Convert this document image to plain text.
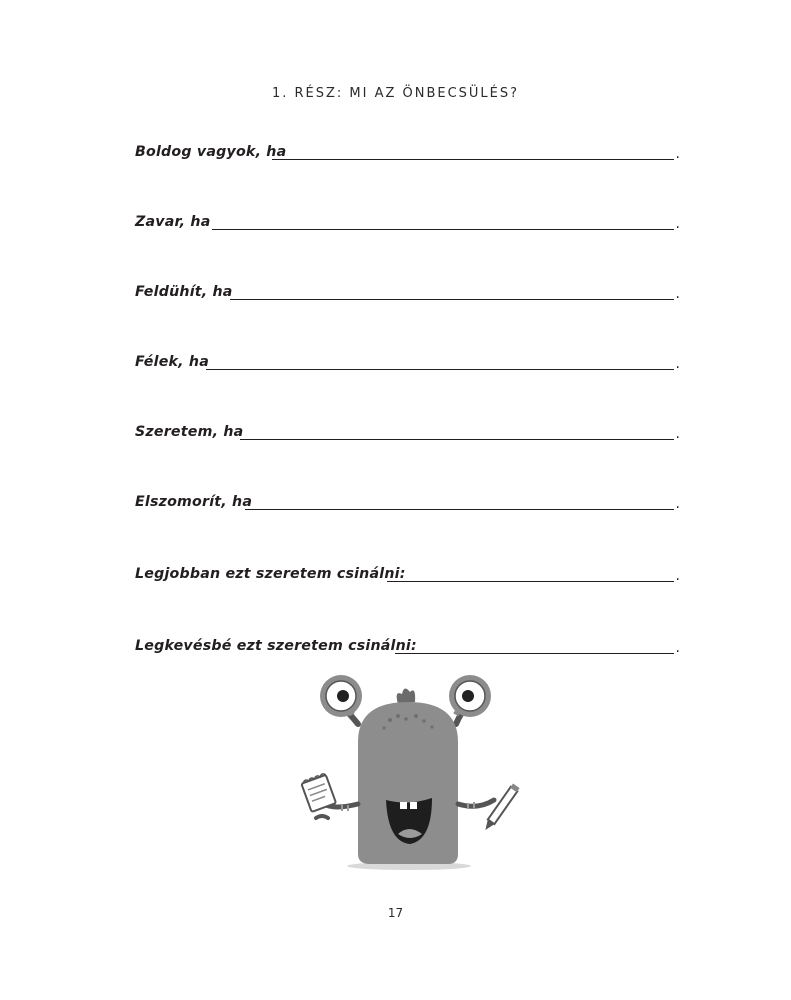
1. RÉSZ: MI AZ ÖNBECSÜLÉS?
Boldog vagyok, ha	.
Zavar, ha	.
Feldühít, ha	.
Félek, ha	.
Szeretem, ha	.
Elszomorít, ha	.
Legjobban ezt szeretem csinálni:	.
Legkevésbé ezt szeretem csinálni:	.
17
